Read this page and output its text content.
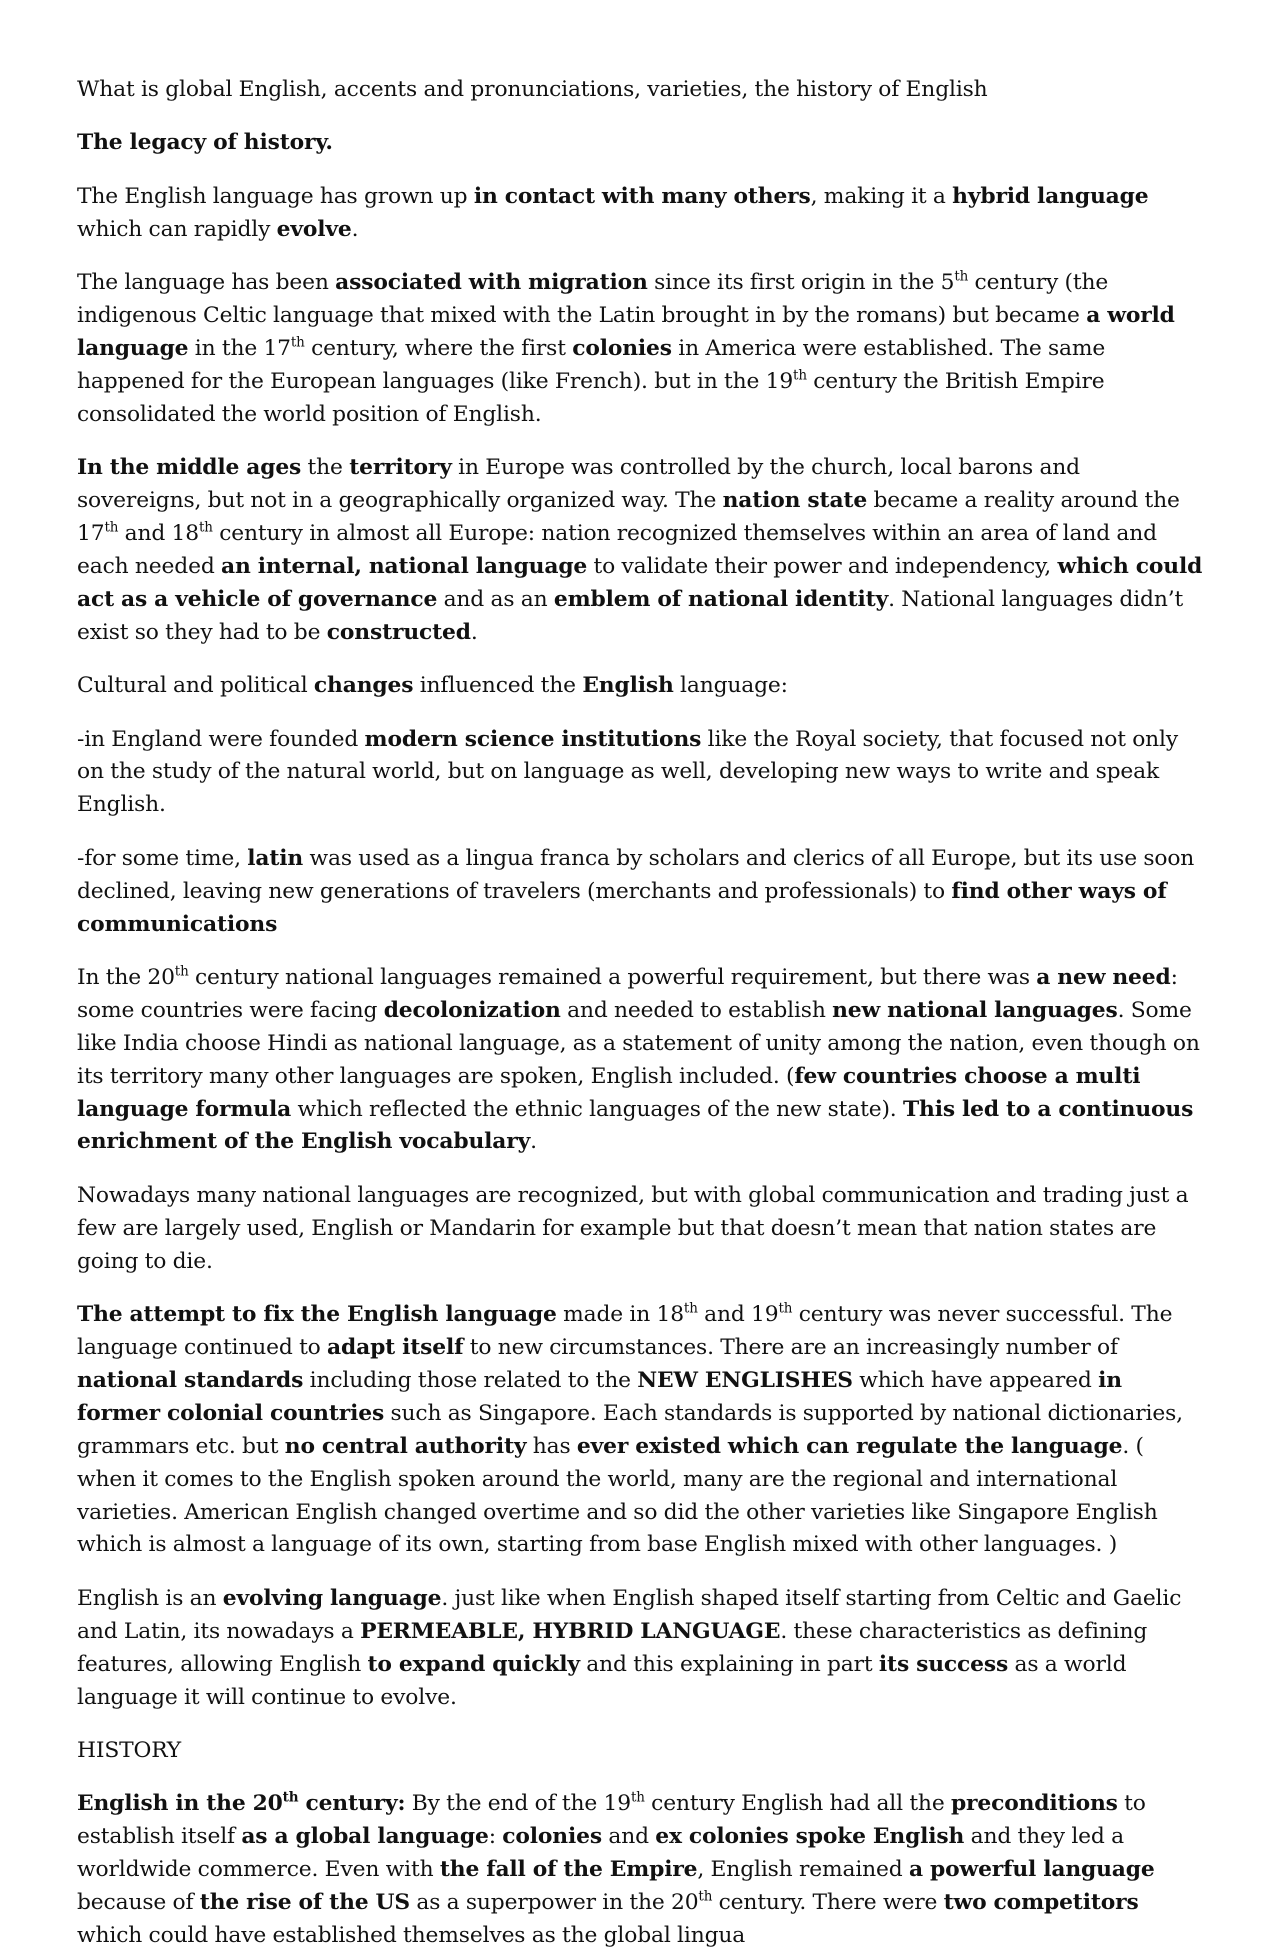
What is global English, accents and pronunciations, varieties, the history of English

The legacy of history.

The English language has grown up in contact with many others, making it a hybrid language which can rapidly evolve.

The language has been associated with migration since its first origin in the 5th century (the indigenous Celtic language that mixed with the Latin brought in by the romans) but became a world language in the 17th century, where the first colonies in America were established. The same happened for the European languages (like French). but in the 19th century the British Empire consolidated the world position of English.

In the middle ages the territory in Europe was controlled by the church, local barons and sovereigns, but not in a geographically organized way. The nation state became a reality around the 17th and 18th century in almost all Europe: nation recognized themselves within an area of land and each needed an internal, national language to validate their power and independency, which could act as a vehicle of governance and as an emblem of national identity. National languages didn’t exist so they had to be constructed.

Cultural and political changes influenced the English language:

-in England were founded modern science institutions like the Royal society, that focused not only on the study of the natural world, but on language as well, developing new ways to write and speak English.

-for some time, latin was used as a lingua franca by scholars and clerics of all Europe, but its use soon declined, leaving new generations of travelers (merchants and professionals) to find other ways of communications

In the 20th century national languages remained a powerful requirement, but there was a new need: some countries were facing decolonization and needed to establish new national languages. Some like India choose Hindi as national language, as a statement of unity among the nation, even though on its territory many other languages are spoken, English included. (few countries choose a multi language formula which reflected the ethnic languages of the new state). This led to a continuous enrichment of the English vocabulary.

Nowadays many national languages are recognized, but with global communication and trading just a few are largely used, English or Mandarin for example but that doesn’t mean that nation states are going to die.

The attempt to fix the English language made in 18th and 19th century was never successful. The language continued to adapt itself to new circumstances. There are an increasingly number of national standards including those related to the NEW ENGLISHES which have appeared in former colonial countries such as Singapore. Each standards is supported by national dictionaries, grammars etc. but no central authority has ever existed which can regulate the language. ( when it comes to the English spoken around the world, many are the regional and international varieties. American English changed overtime and so did the other varieties like Singapore English which is almost a language of its own, starting from base English mixed with other languages. )

English is an evolving language. just like when English shaped itself starting from Celtic and Gaelic and Latin, its nowadays a PERMEABLE, HYBRID LANGUAGE. these characteristics as defining features, allowing English to expand quickly and this explaining in part its success as a world language it will continue to evolve.

HISTORY

English in the 20th century: By the end of the 19th century English had all the preconditions to establish itself as a global language: colonies and ex colonies spoke English and they led a worldwide commerce. Even with the fall of the Empire, English remained a powerful language because of the rise of the US as a superpower in the 20th century. There were two competitors which could have established themselves as the global lingua
